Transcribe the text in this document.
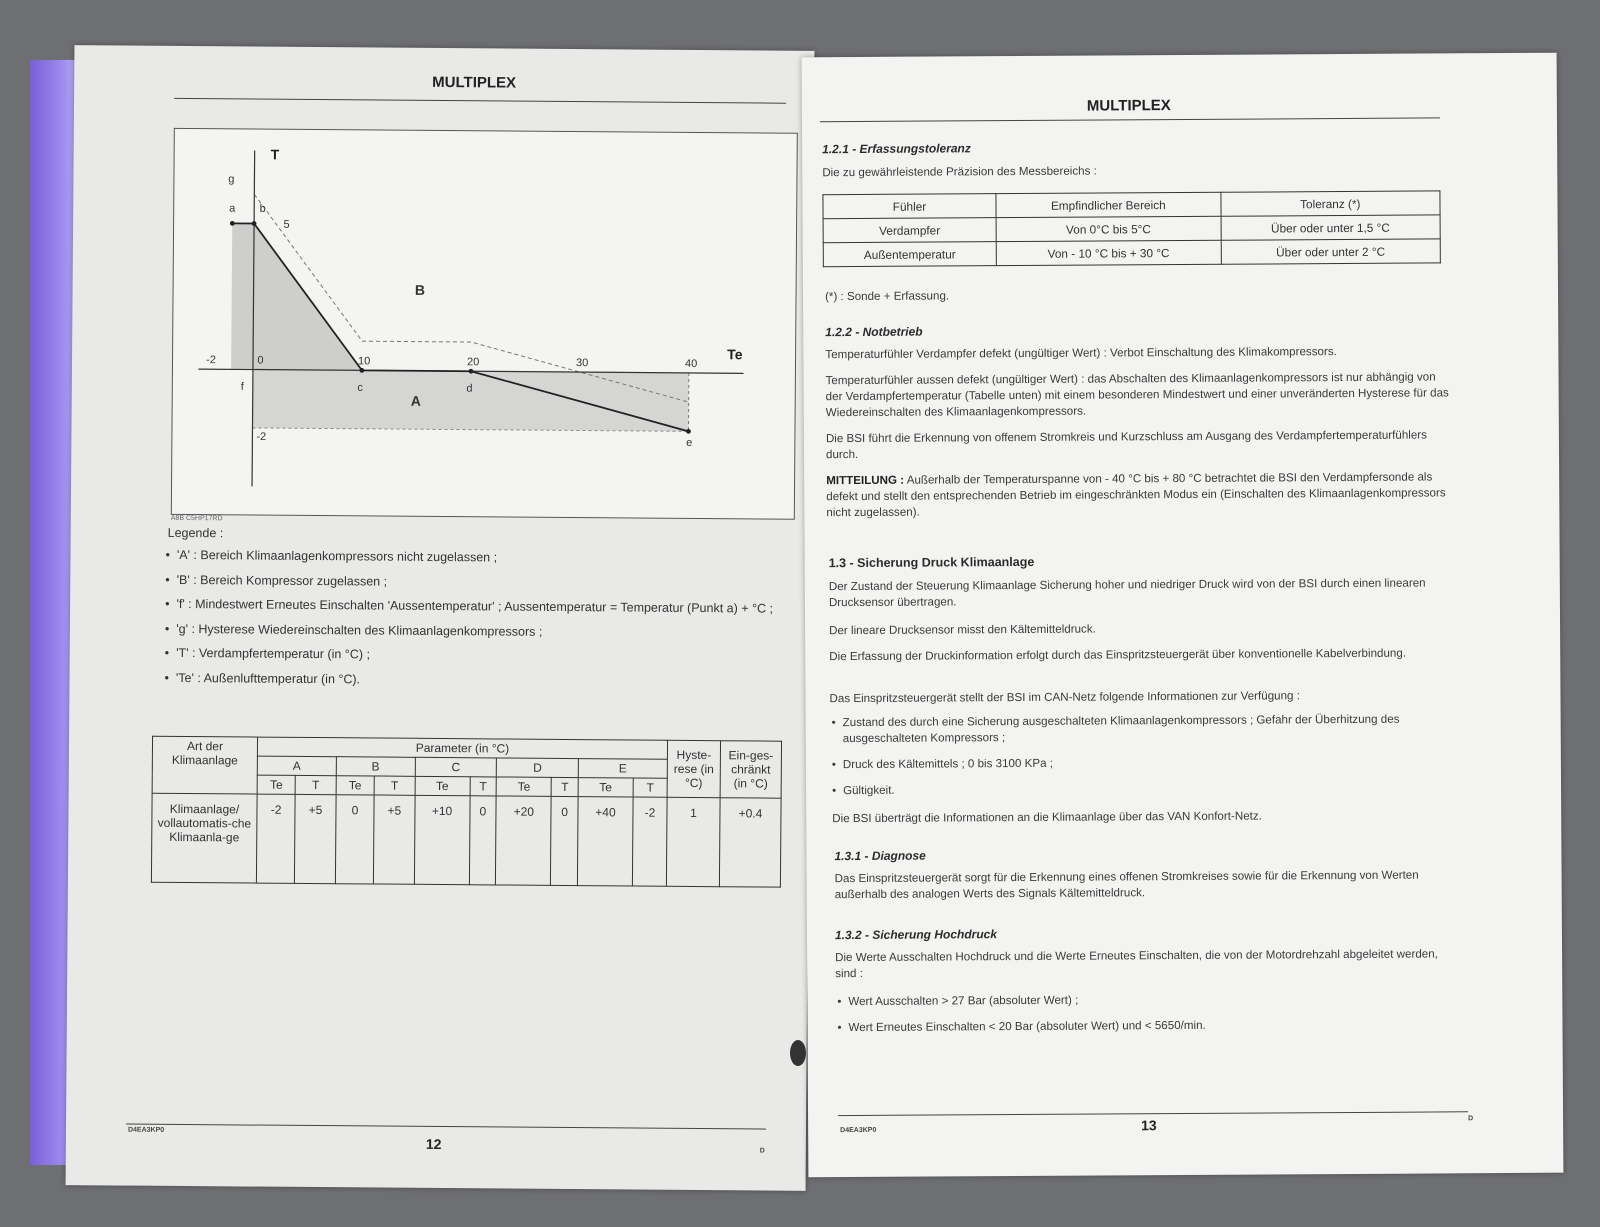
MULTIPLEX
T
Te
-2	0	10	20	30	40
5
-2
a b
c	d
e
f
g
A
B
A8B C5HP17RD
Legende :
• 'A' : Bereich Klimaanlagenkompressors nicht zugelassen ;
• 'B' : Bereich Kompressor zugelassen ;
• 'f' : Mindestwert Erneutes Einschalten 'Aussentemperatur' ; Aussentemperatur = Temperatur (Punkt a) + °C ;
• 'g' : Hysterese Wiedereinschalten des Klimaanlagenkompressors ;
• 'T' : Verdampfertemperatur (in °C) ;
• 'Te' : Außenlufttemperatur (in °C).
Art der Klimaanlage	Parameter (in °C)										Hyste-rese (in °C)	Ein-ges-chränkt (in °C)
	A		B		C		D		E			
	Te	T	Te	T	Te	T	Te	T	Te	T		
Klimaanlage/ vollautomatis-che Klimaanla-ge	-2	+5	0	+5	+10	0	+20	0	+40	-2	1	+0.4
D4EA3KP0
12	D
MULTIPLEX
1.2.1 - Erfassungstoleranz
Die zu gewährleistende Präzision des Messbereichs :
Fühler	Empfindlicher Bereich	Toleranz (*)
Verdampfer	Von 0°C bis 5°C	Über oder unter 1,5 °C
Außentemperatur	Von - 10 °C bis + 30 °C	Über oder unter 2 °C
(*) : Sonde + Erfassung.
1.2.2 - Notbetrieb
Temperaturfühler Verdampfer defekt (ungültiger Wert) : Verbot Einschaltung des Klimakompressors.
Temperaturfühler aussen defekt (ungültiger Wert) : das Abschalten des Klimaanlagenkompressors ist nur abhängig von der Verdampfertemperatur (Tabelle unten) mit einem besonderen Mindestwert und einer unveränderten Hysterese für das Wiedereinschalten des Klimaanlagenkompressors.
Die BSI führt die Erkennung von offenem Stromkreis und Kurzschluss am Ausgang des Verdampfertemperaturfühlers durch.
MITTEILUNG : Außerhalb der Temperaturspanne von - 40 °C bis + 80 °C betrachtet die BSI den Verdampfersonde als defekt und stellt den entsprechenden Betrieb im eingeschränkten Modus ein (Einschalten des Klimaanlagenkompressors nicht zugelassen).
1.3 - Sicherung Druck Klimaanlage
Der Zustand der Steuerung Klimaanlage Sicherung hoher und niedriger Druck wird von der BSI durch einen linearen Drucksensor übertragen.
Der lineare Drucksensor misst den Kältemitteldruck.
Die Erfassung der Druckinformation erfolgt durch das Einspritzsteuergerät über konventionelle Kabelverbindung.
Das Einspritzsteuergerät stellt der BSI im CAN-Netz folgende Informationen zur Verfügung :
• Zustand des durch eine Sicherung ausgeschalteten Klimaanlagenkompressors ; Gefahr der Überhitzung des ausgeschalteten Kompressors ;
• Druck des Kältemittels ; 0 bis 3100 KPa ;
• Gültigkeit.
Die BSI überträgt die Informationen an die Klimaanlage über das VAN Konfort-Netz.
1.3.1 - Diagnose
Das Einspritzsteuergerät sorgt für die Erkennung eines offenen Stromkreises sowie für die Erkennung von Werten außerhalb des analogen Werts des Signals Kältemitteldruck.
1.3.2 - Sicherung Hochdruck
Die Werte Ausschalten Hochdruck und die Werte Erneutes Einschalten, die von der Motordrehzahl abgeleitet werden, sind :
• Wert Ausschalten > 27 Bar (absoluter Wert) ;
• Wert Erneutes Einschalten < 20 Bar (absoluter Wert) und < 5650/min.
D4EA3KP0	13	D
